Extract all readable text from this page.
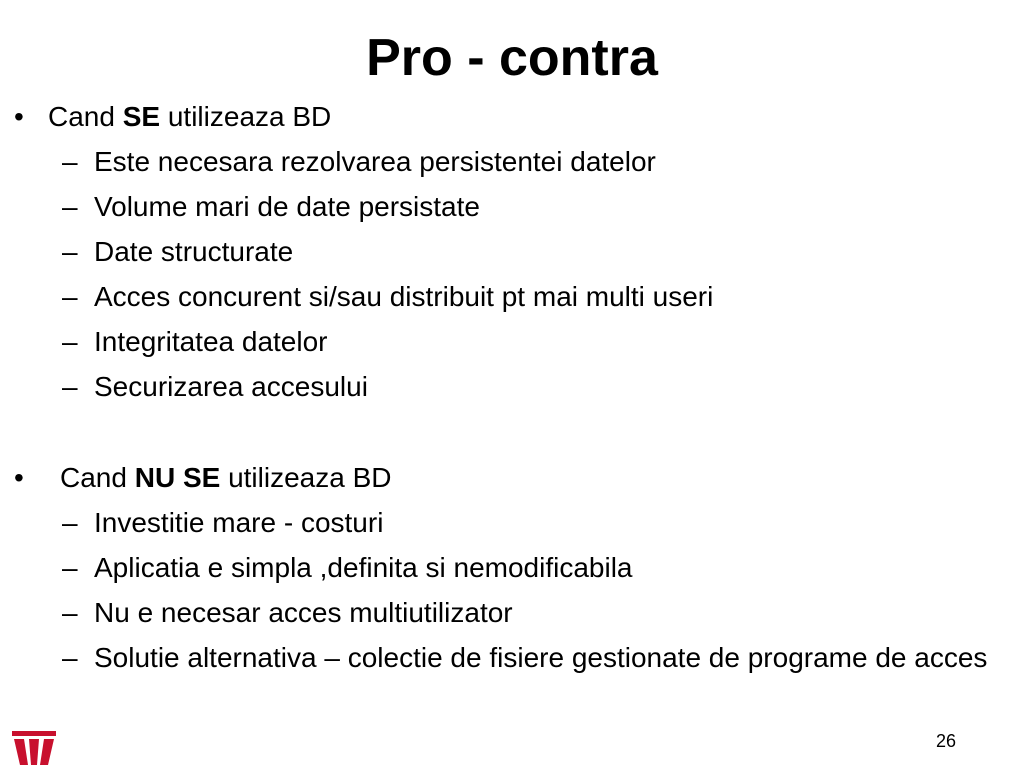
Pro - contra
• Cand SE utilizeaza BD
– Este necesara rezolvarea persistentei datelor
– Volume mari de date persistate
– Date structurate
– Acces concurent si/sau distribuit pt mai multi useri
– Integritatea datelor
– Securizarea accesului
• Cand NU SE utilizeaza BD
– Investitie mare - costuri
– Aplicatia e simpla ,definita si nemodificabila
– Nu e necesar acces multiutilizator
– Solutie alternativa – colectie de fisiere gestionate de programe de acces
26
